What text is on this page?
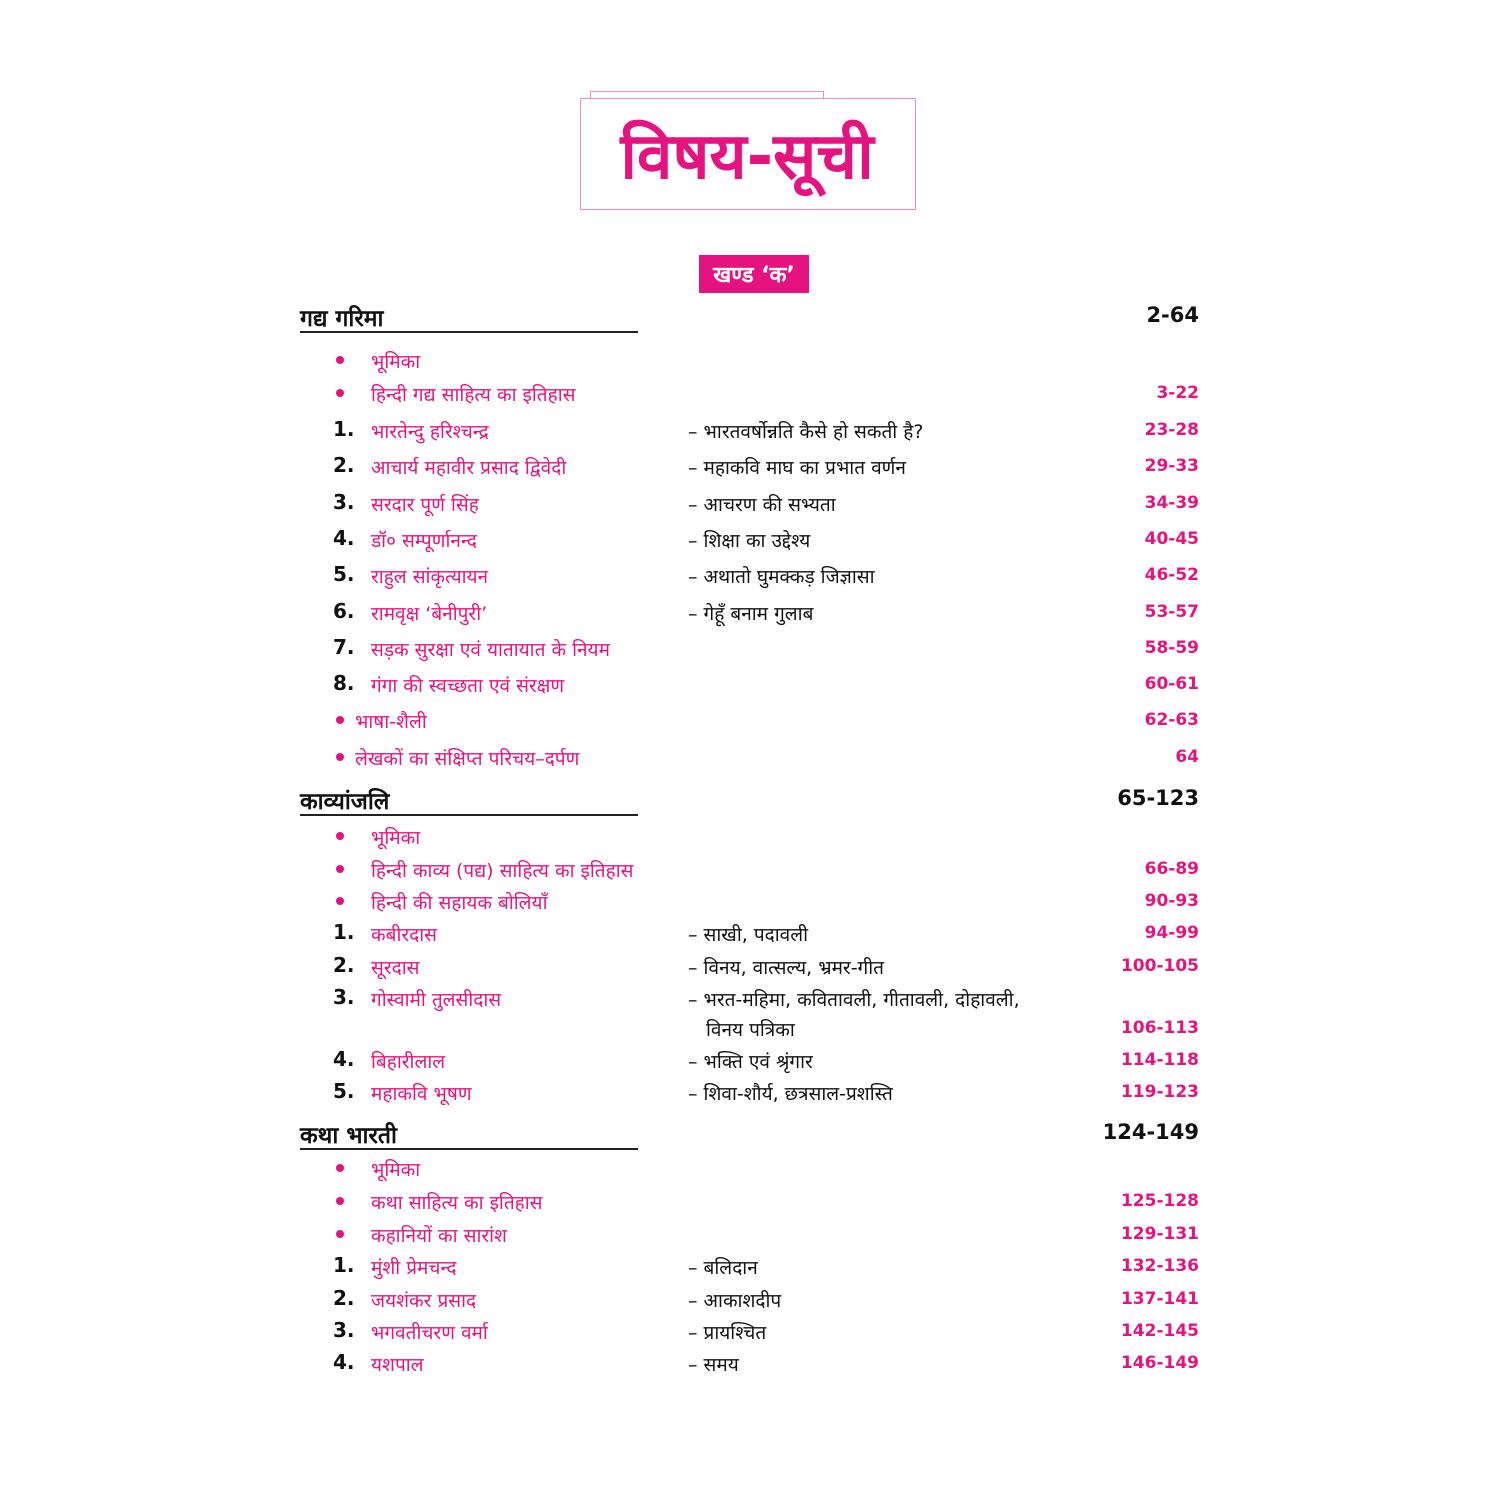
विषय-सूची
खण्ड ‘क’
गद्य गरिमा	2-64
भूमिका
हिन्दी गद्य साहित्य का इतिहास	3-22
1. भारतेन्दु हरिश्चन्द्र	– भारतवर्षोन्नति कैसे हो सकती है?	23-28
2. आचार्य महावीर प्रसाद द्विवेदी	– महाकवि माघ का प्रभात वर्णन	29-33
3. सरदार पूर्ण सिंह	– आचरण की सभ्यता	34-39
4. डॉ० सम्पूर्णानन्द	– शिक्षा का उद्देश्य	40-45
5. राहुल सांकृत्यायन	– अथातो घुमक्कड़ जिज्ञासा	46-52
6. रामवृक्ष ‘बेनीपुरी’	– गेहूँ बनाम गुलाब	53-57
7. सड़क सुरक्षा एवं यातायात के नियम	58-59
8. गंगा की स्वच्छता एवं संरक्षण	60-61
भाषा-शैली	62-63
लेखकों का संक्षिप्त परिचय–दर्पण	64
काव्यांजलि	65-123
भूमिका
हिन्दी काव्य (पद्य) साहित्य का इतिहास	66-89
हिन्दी की सहायक बोलियाँ	90-93
1. कबीरदास	– साखी, पदावली	94-99
2. सूरदास	– विनय, वात्सल्य, भ्रमर-गीत	100-105
3. गोस्वामी तुलसीदास	– भरत-महिमा, कवितावली, गीतावली, दोहावली,
विनय पत्रिका	106-113
4. बिहारीलाल	– भक्ति एवं श्रृंगार	114-118
5. महाकवि भूषण	– शिवा-शौर्य, छत्रसाल-प्रशस्ति	119-123
कथा भारती	124-149
भूमिका
कथा साहित्य का इतिहास	125-128
कहानियों का सारांश	129-131
1. मुंशी प्रेमचन्द	– बलिदान	132-136
2. जयशंकर प्रसाद	– आकाशदीप	137-141
3. भगवतीचरण वर्मा	– प्रायश्चित	142-145
4. यशपाल	– समय	146-149
